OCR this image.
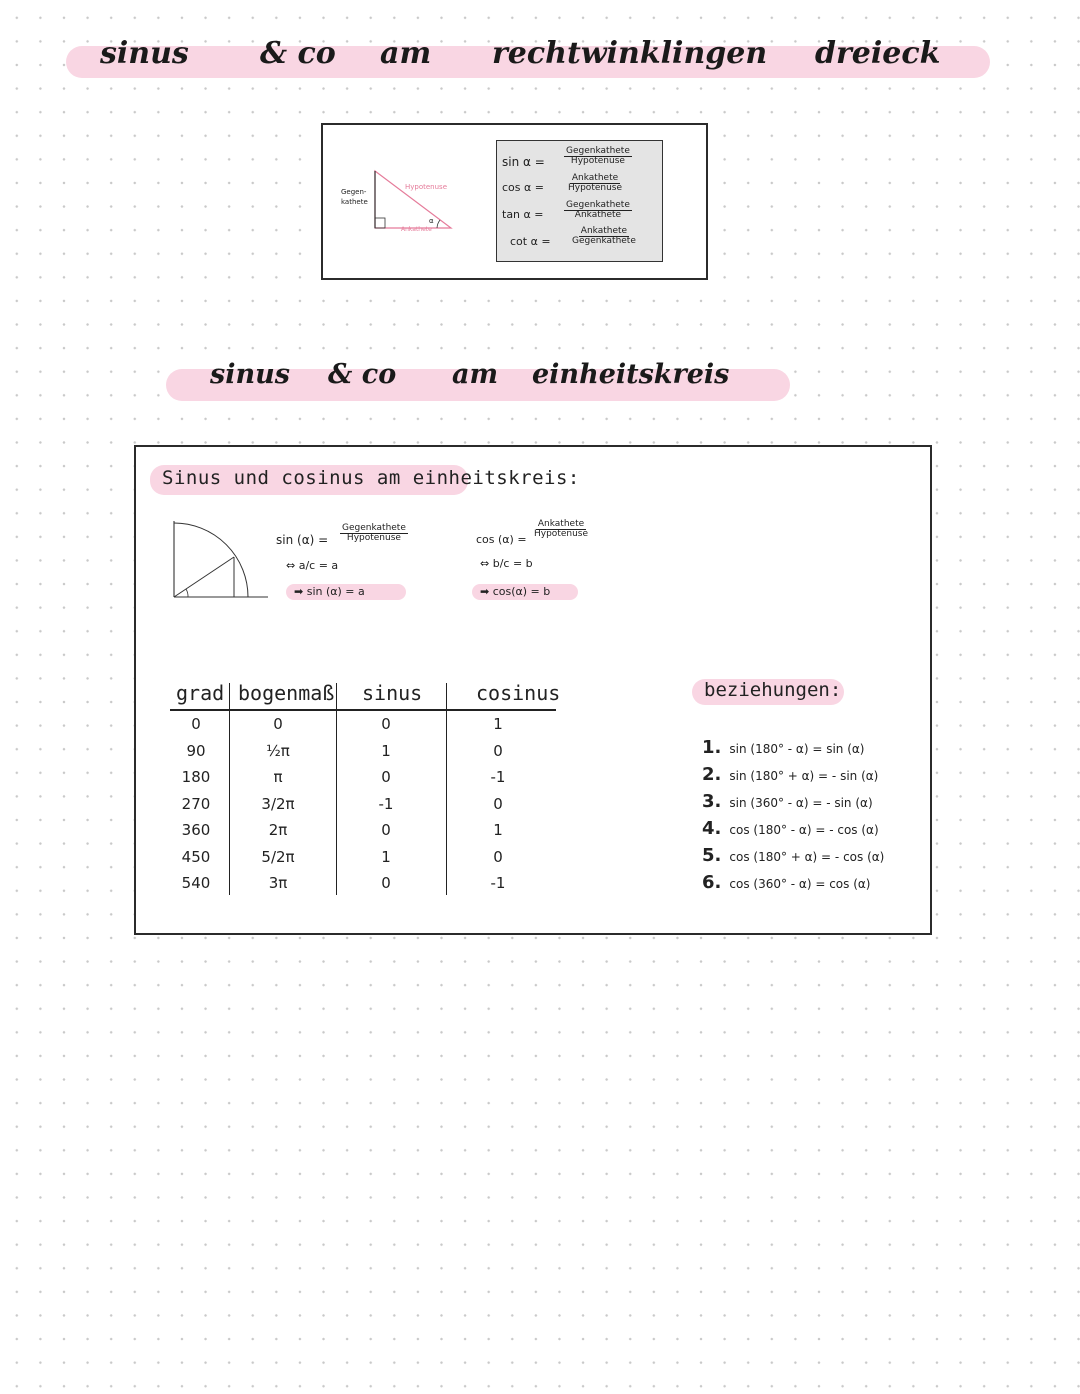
sinus & co am rechtwinklingen dreieck
Gegen-
kathete
Hypotenuse
Ankathete
α
sin α =
Gegenkathete
Hypotenuse
cos α =
Ankathete
Hypotenuse
tan α =
Gegenkathete
Ankathete
cot α =
Ankathete
Gegenkathete
sinus & co am einheitskreis
Sinus und cosinus am einheitskreis:
sin (α) =
Gegenkathete
Hypotenuse
⇔ a/c = a
➡ sin (α) = a
cos (α) =
Ankathete
Hypotenuse
⇔ b/c = b
➡ cos(α) = b
grad bogenmaß sinus	cosinus
0	0	0	1
90	½π	1	0
180	π	0	-1
270	3/2π	-1	0
360	2π	0	1
450	5/2π	1	0
540	3π	0	-1
beziehungen:
1. sin (180° - α) = sin (α)
2. sin (180° + α) = - sin (α)
3. sin (360° - α) = - sin (α)
4. cos (180° - α) = - cos (α)
5. cos (180° + α) = - cos (α)
6. cos (360° - α) = cos (α)
